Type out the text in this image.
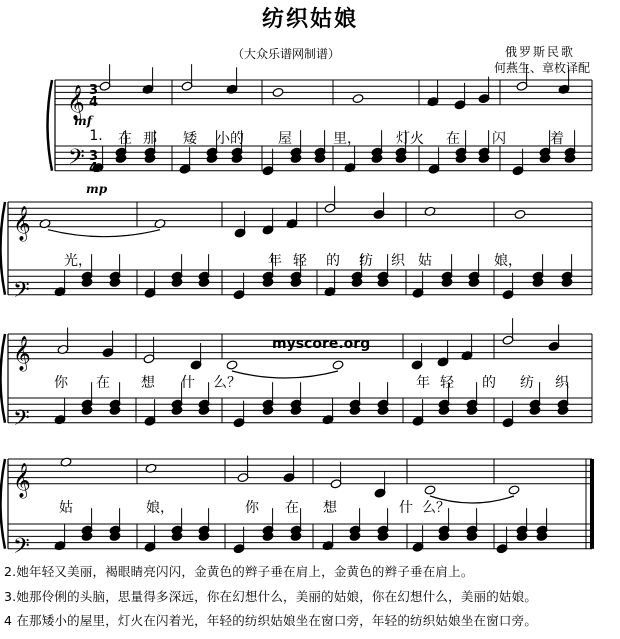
纺织姑娘
（大众乐谱网制谱）	俄罗斯民歌
何燕生、章枚译配
𝄞
𝄢
𝄞
𝄢
𝄞
𝄢
𝄞
𝄢
3
4
3
4
mf
mp
myscore.org
1. 在 那 矮 小的 屋	里，	灯火 在 闪	着
光，	年 轻 的 纺 织 姑	娘，
你 在 想 什 么？	年 轻 的 纺 织
姑	娘，	你 在 想	什 么？
2.她年轻又美丽，褐眼睛亮闪闪，金黄色的辫子垂在肩上，金黄色的辫子垂在肩上。
3.她那伶俐的头脑，思量得多深远，你在幻想什么，美丽的姑娘，你在幻想什么，美丽的姑娘。
4 在那矮小的屋里，灯火在闪着光，年轻的纺织姑娘坐在窗口旁，年轻的纺织姑娘坐在窗口旁。
